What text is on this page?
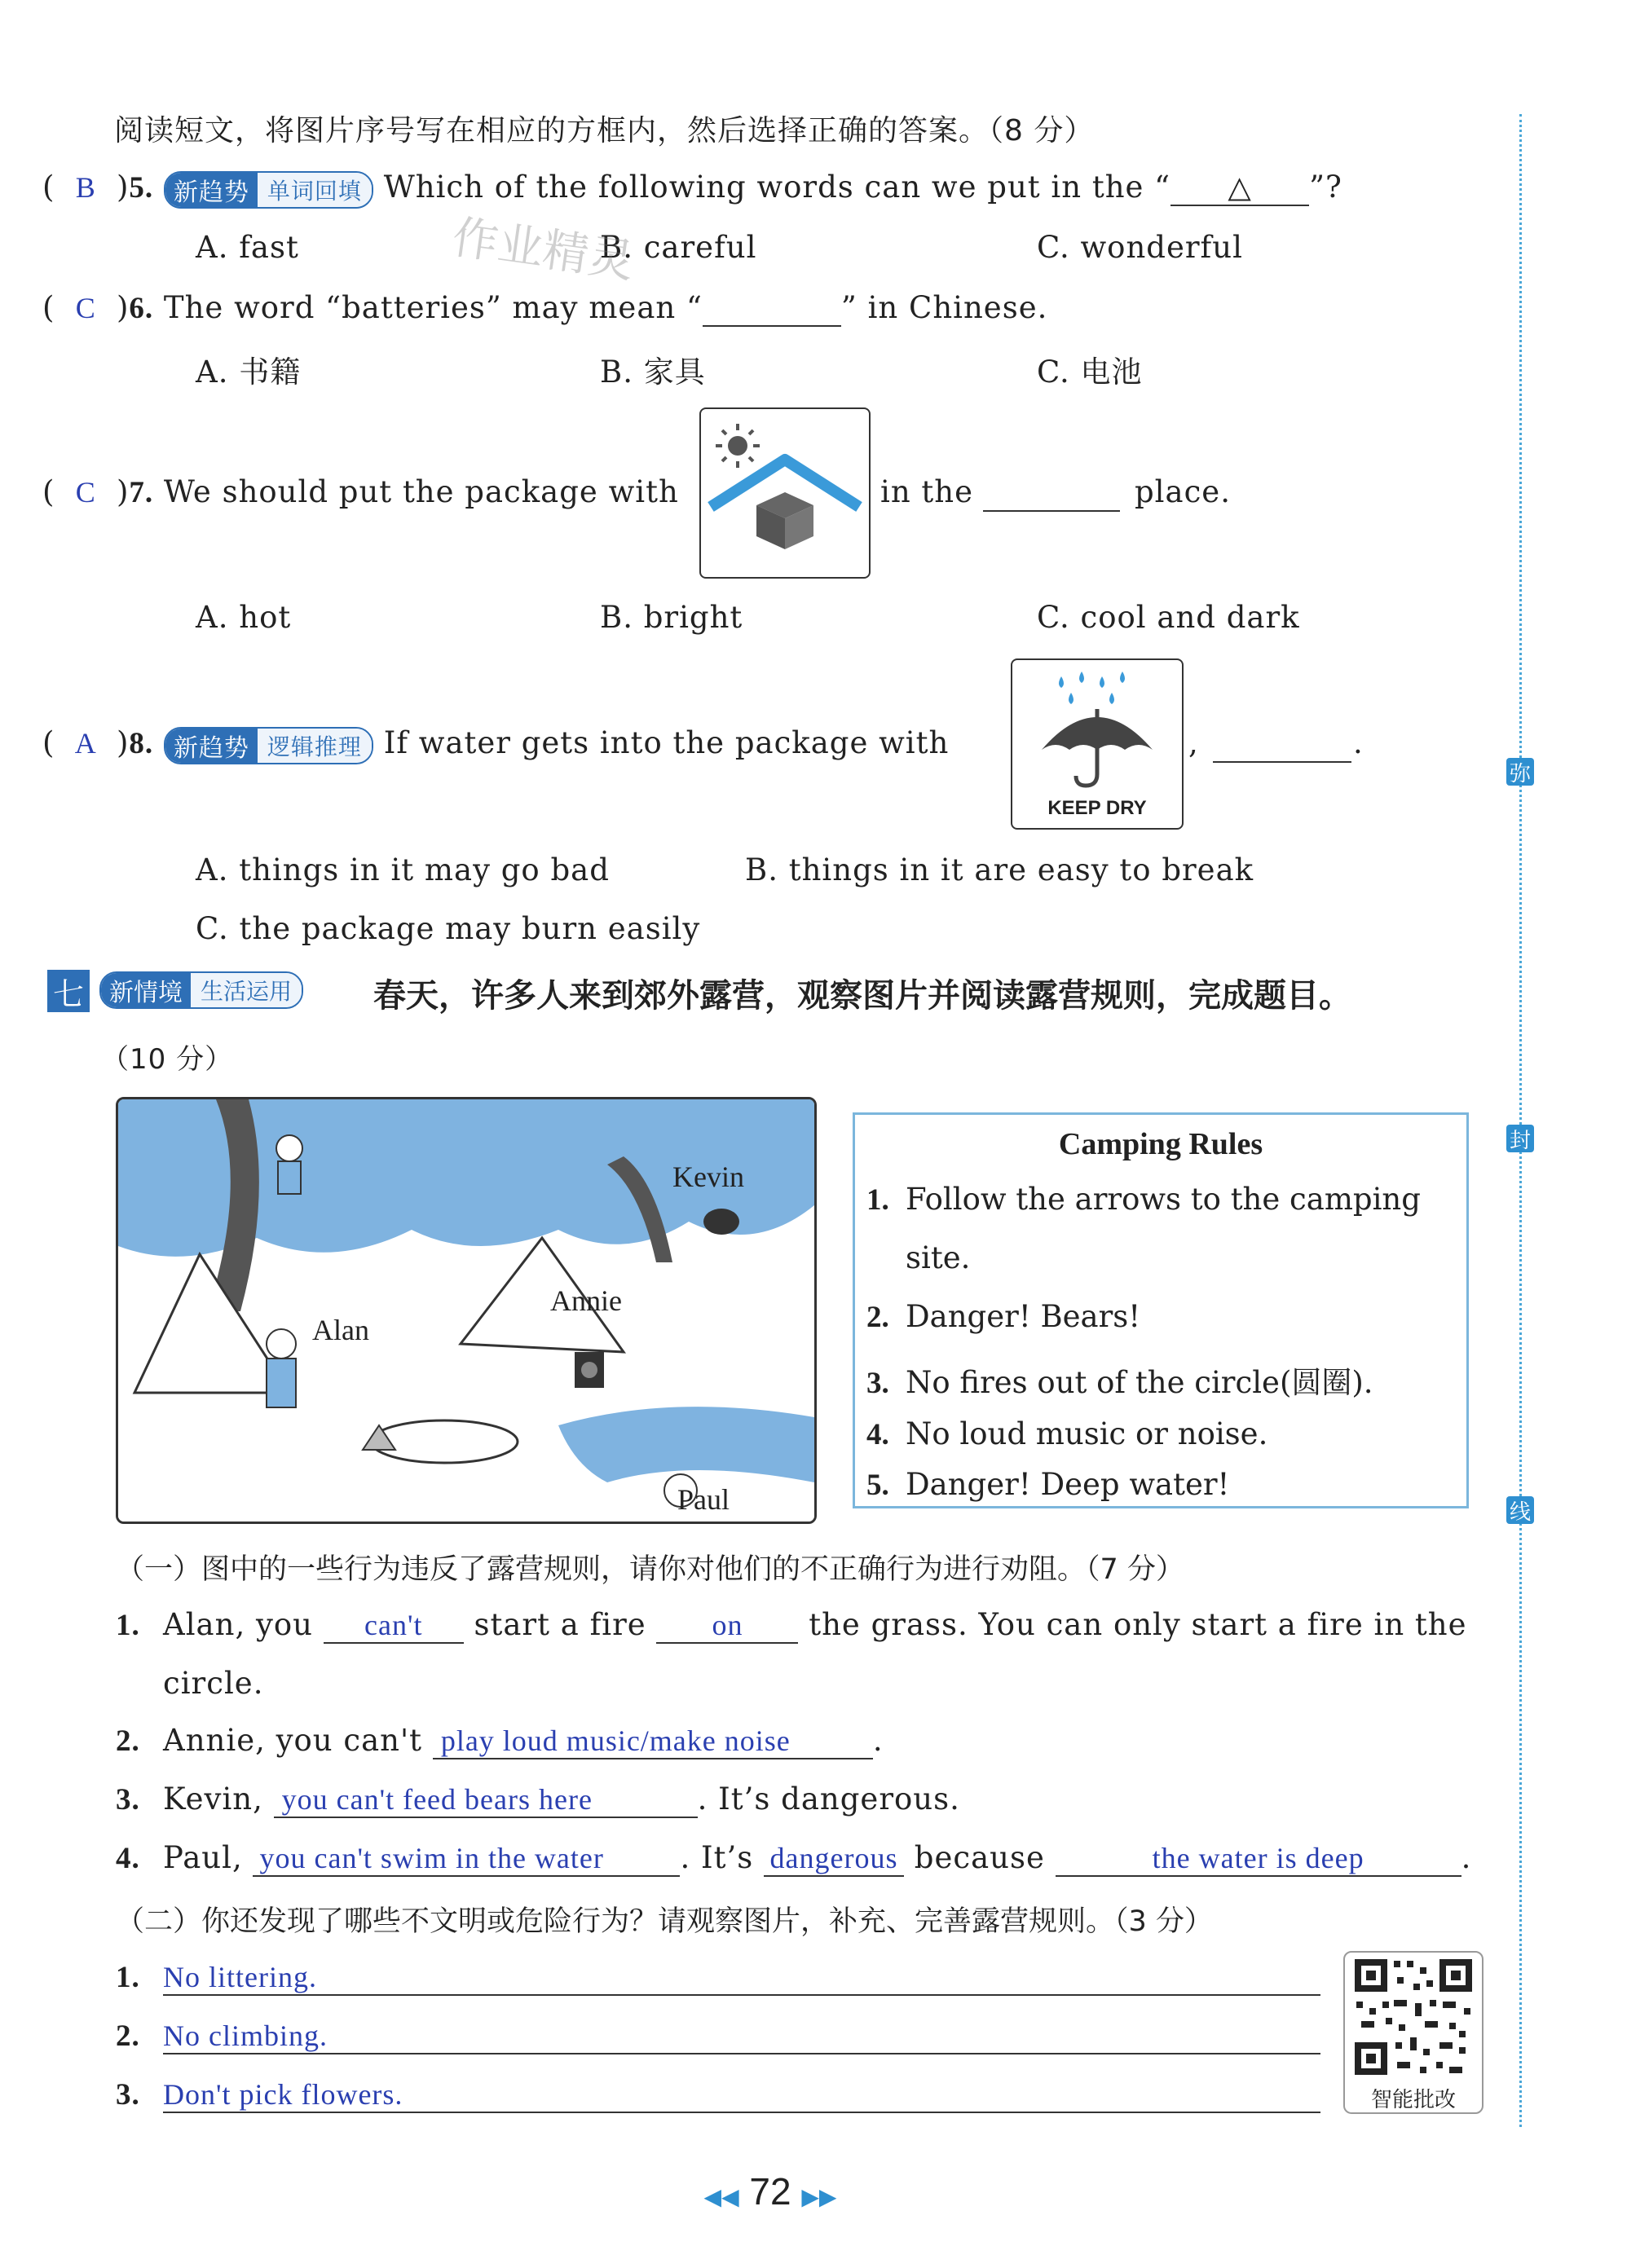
弥
封
线
阅读短文，将图片序号写在相应的方框内，然后选择正确的答案。（8 分）
( B )5. 新趋势 单词回填 Which of the following words can we put in the “ △ ”?
A. fast	B. careful	C. wonderful
作业精灵
( C )6. The word “batteries” may mean “	” in Chinese.
A. 书籍	B. 家具	C. 电池
( C )7. We should put the package with	in the	place.
A. hot	B. bright	C. cool and dark
( A )8. 新趋势 逻辑推理 If water gets into the package with
KEEP DRY
,	.
A. things in it may go bad	B. things in it are easy to break
C. the package may burn easily
七	新情境 生活运用	春天，许多人来到郊外露营，观察图片并阅读露营规则，完成题目。
（10 分）
Kevin
Alan
Annie
Paul
Camping Rules
1. Follow the arrows to the camping
site.
2. Danger! Bears!
3. No fires out of the circle(圆圈).
4. No loud music or noise.
5. Danger! Deep water!
（一）图中的一些行为违反了露营规则，请你对他们的不正确行为进行劝阻。（7 分）
1. Alan, you can't start a fire on the grass. You can only start a fire in the
circle.
2. Annie, you can't play loud music/make noise	.
3. Kevin, you can't feed bears here	. It’s dangerous.
4. Paul, you can't swim in the water	. It’s dangerous because	the water is deep	.
（二）你还发现了哪些不文明或危险行为？请观察图片，补充、完善露营规则。（3 分）
1. No littering.
2. No climbing.
3. Don't pick flowers.	智能批改
◀◀ 72 ▶▶
